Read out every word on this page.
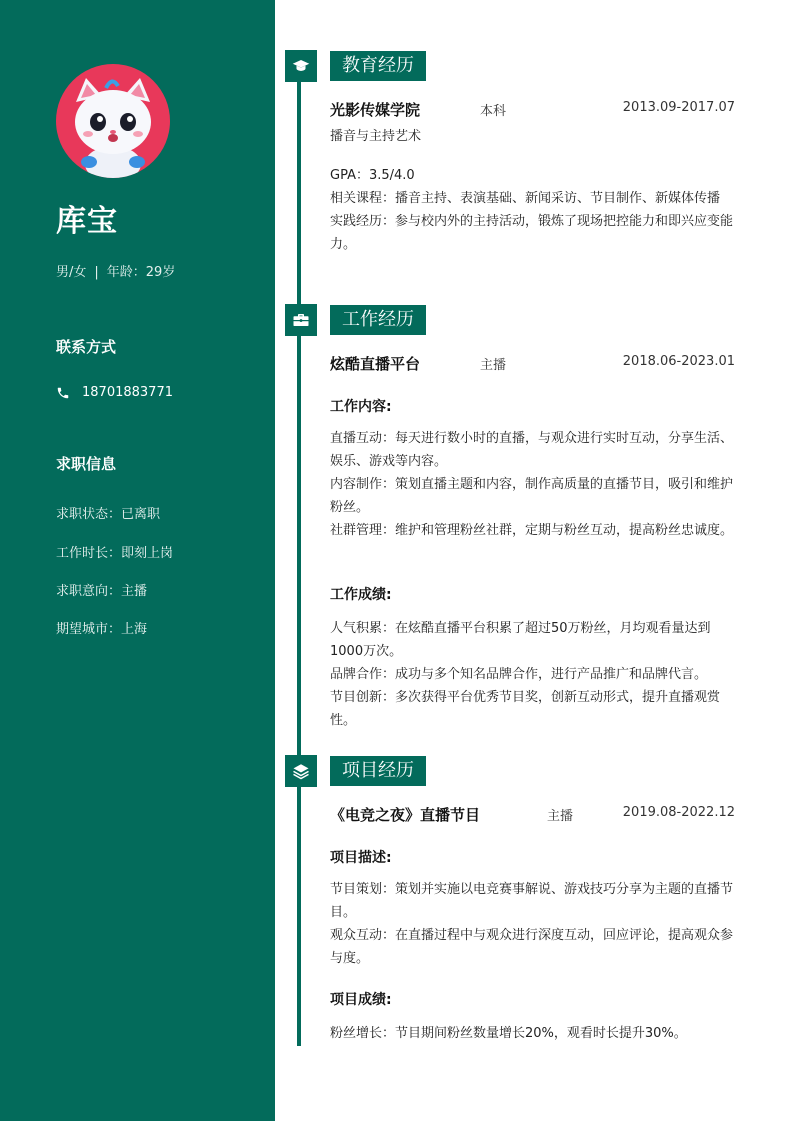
库宝
男/女 | 年龄：29岁
联系方式
18701883771
求职信息
求职状态：已离职
工作时长：即刻上岗
求职意向：主播
期望城市：上海
教育经历
光影传媒学院	本科	2013.09-2017.07
播音与主持艺术
GPA：3.5/4.0
相关课程：播音主持、表演基础、新闻采访、节目制作、新媒体传播
实践经历：参与校内外的主持活动，锻炼了现场把控能力和即兴应变能力。
工作经历
炫酷直播平台	主播	2018.06-2023.01
工作内容:
直播互动：每天进行数小时的直播，与观众进行实时互动，分享生活、娱乐、游戏等内容。
内容制作：策划直播主题和内容，制作高质量的直播节目，吸引和维护粉丝。
社群管理：维护和管理粉丝社群，定期与粉丝互动，提高粉丝忠诚度。
工作成绩:
人气积累：在炫酷直播平台积累了超过50万粉丝，月均观看量达到1000万次。
品牌合作：成功与多个知名品牌合作，进行产品推广和品牌代言。
节目创新：多次获得平台优秀节目奖，创新互动形式，提升直播观赏性。
项目经历
《电竞之夜》直播节目	主播	2019.08-2022.12
项目描述:
节目策划：策划并实施以电竞赛事解说、游戏技巧分享为主题的直播节目。
观众互动：在直播过程中与观众进行深度互动，回应评论，提高观众参与度。
项目成绩:
粉丝增长：节目期间粉丝数量增长20%，观看时长提升30%。
